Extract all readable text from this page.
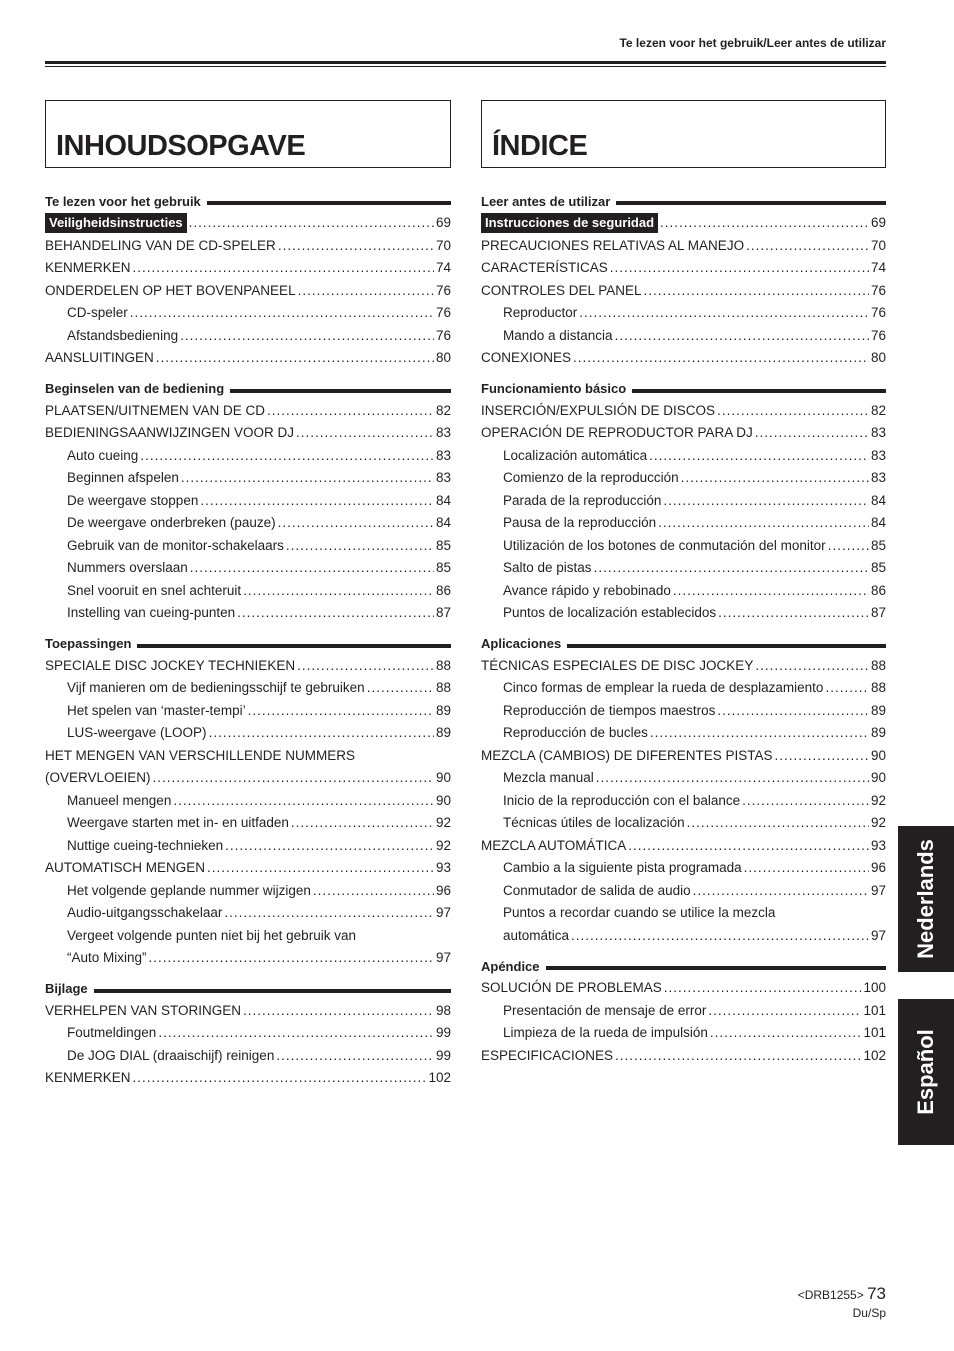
Te lezen voor het gebruik/Leer antes de utilizar
INHOUDSOPGAVE
Te lezen voor het gebruik
Veiligheidsinstructies .....	69
BEHANDELING VAN DE CD-SPELER .....	70
KENMERKEN .....	74
ONDERDELEN OP HET BOVENPANEEL .....	76
CD-speler .....	76
Afstandsbediening .....	76
AANSLUITINGEN .....	80
Beginselen van de bediening
PLAATSEN/UITNEMEN VAN DE CD .....	82
BEDIENINGSAANWIJZINGEN VOOR DJ .....	83
Auto cueing .....	83
Beginnen afspelen .....	83
De weergave stoppen .....	84
De weergave onderbreken (pauze) .....	84
Gebruik van de monitor-schakelaars .....	85
Nummers overslaan .....	85
Snel vooruit en snel achteruit .....	86
Instelling van cueing-punten .....	87
Toepassingen
SPECIALE DISC JOCKEY TECHNIEKEN .....	88
Vijf manieren om de bedieningsschijf te gebruiken .....	88
Het spelen van ‘master-tempi’ .....	89
LUS-weergave (LOOP) .....	89
HET MENGEN VAN VERSCHILLENDE NUMMERS
(OVERVLOEIEN) .....	90
Manueel mengen .....	90
Weergave starten met in- en uitfaden .....	92
Nuttige cueing-technieken .....	92
AUTOMATISCH MENGEN .....	93
Het volgende geplande nummer wijzigen .....	96
Audio-uitgangsschakelaar .....	97
Vergeet volgende punten niet bij het gebruik van
“Auto Mixing” .....	97
Bijlage
VERHELPEN VAN STORINGEN .....	98
Foutmeldingen .....	99
De JOG DIAL (draaischijf) reinigen .....	99
KENMERKEN .....	102
ÍNDICE
Leer antes de utilizar
Instrucciones de seguridad .....	69
PRECAUCIONES RELATIVAS AL MANEJO .....	70
CARACTERÍSTICAS .....	74
CONTROLES DEL PANEL .....	76
Reproductor .....	76
Mando a distancia .....	76
CONEXIONES .....	80
Funcionamiento básico
INSERCIÓN/EXPULSIÓN DE DISCOS .....	82
OPERACIÓN DE REPRODUCTOR PARA DJ .....	83
Localización automática .....	83
Comienzo de la reproducción .....	83
Parada de la reproducción .....	84
Pausa de la reproducción .....	84
Utilización de los botones de conmutación del monitor .....	85
Salto de pistas .....	85
Avance rápido y rebobinado .....	86
Puntos de localización establecidos .....	87
Aplicaciones
TÉCNICAS ESPECIALES DE DISC JOCKEY .....	88
Cinco formas de emplear la rueda de desplazamiento .....	88
Reproducción de tiempos maestros .....	89
Reproducción de bucles .....	89
MEZCLA (CAMBIOS) DE DIFERENTES PISTAS .....	90
Mezcla manual .....	90
Inicio de la reproducción con el balance .....	92
Técnicas útiles de localización .....	92
MEZCLA AUTOMÁTICA .....	93
Cambio a la siguiente pista programada .....	96
Conmutador de salida de audio .....	97
Puntos a recordar cuando se utilice la mezcla
automática .....	97
Apéndice
SOLUCIÓN DE PROBLEMAS .....	100
Presentación de mensaje de error .....	101
Limpieza de la rueda de impulsión .....	101
ESPECIFICACIONES .....	102
Nederlands
Español
<DRB1255> 73
Du/Sp
